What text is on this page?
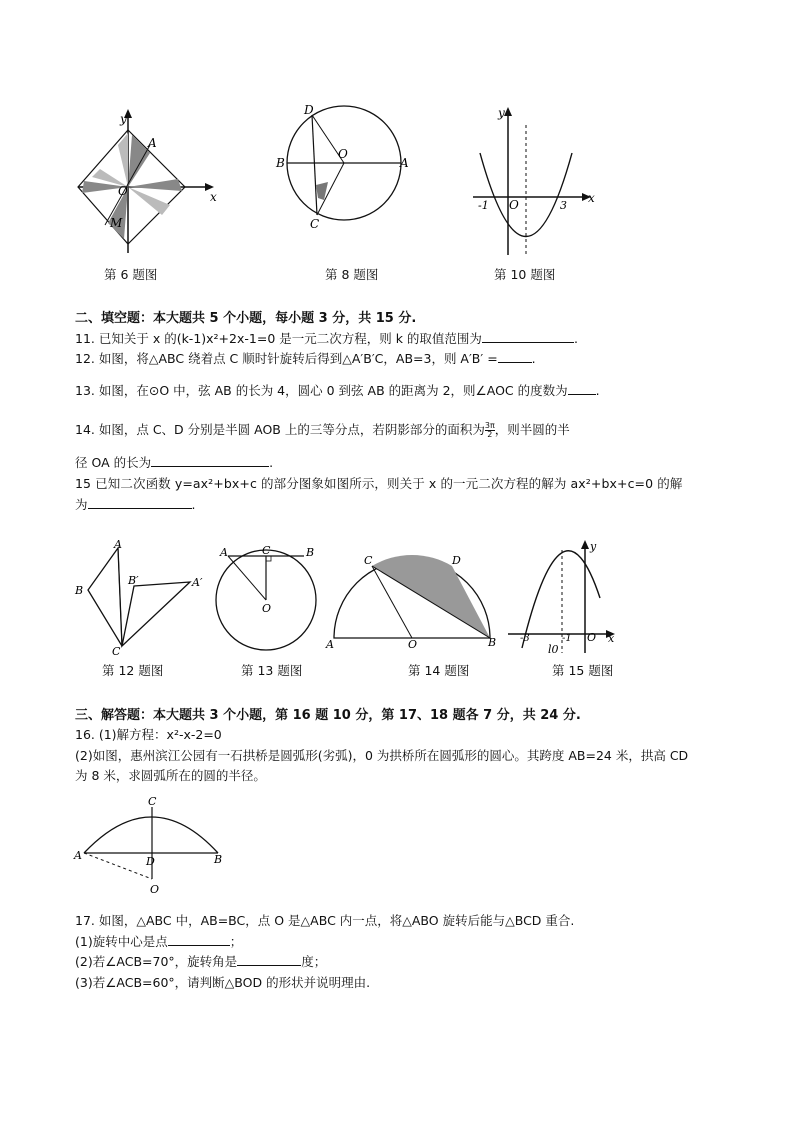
y
x
O
A
M
第 6 题图
D
B
O
A
C
第 8 题图
y
x
O
-1	3
第 10 题图
二、填空题：本大题共 5 个小题，每小题 3 分，共 15 分.
11. 已知关于 x 的(k-1)x²+2x-1=0 是一元二次方程，则 k 的取值范围为	.
12. 如图，将△ABC 绕着点 C 顺时针旋转后得到△A′B′C，AB=3，则 A′B′ =	.
13. 如图，在⊙O 中，弦 AB 的长为 4，圆心 0 到弦 AB 的距离为 2，则∠AOC 的度数为 .
14. 如图，点 C、D 分别是半圆 AOB 上的三等分点，若阴影部分的面积为 $\frac{3\pi}{2}$ ，则半圆的半
径 OA 的长为	.
15 已知二次函数 y=ax²+bx+c 的部分图象如图所示，则关于 x 的一元二次方程的解为 ax²+bx+c=0 的解
为	.
A
B
B′	A′
C
第 12 题图
A	C	B
O
第 13 题图
C	D
A	O	B
第 14 题图
y
x
-3	-1 O
l0
第 15 题图
三、解答题：本大题共 3 个小题，第 16 题 10 分，第 17、18 题各 7 分，共 24 分.
16. (1)解方程：x²-x-2=0
(2)如图，惠州滨江公园有一石拱桥是圆弧形(劣弧)，0 为拱桥所在圆弧形的圆心。其跨度 AB=24 米，拱高 CD
为 8 米，求圆弧所在的圆的半径。
C
A	D	B
O
17. 如图，△ABC 中，AB=BC，点 O 是△ABC 内一点，将△ABO 旋转后能与△BCD 重合.
(1)旋转中心是点	；
(2)若∠ACB=70°，旋转角是	度；
(3)若∠ACB=60°，请判断△BOD 的形状并说明理由.
